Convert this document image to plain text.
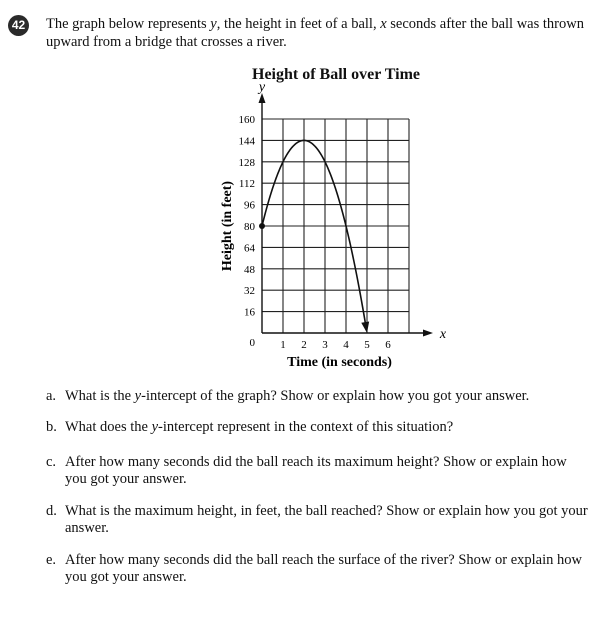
42 The graph below represents y, the height in feet of a ball, x seconds after the ball was thrown upward from a bridge that crosses a river.
Height of Ball over Time
y
x
16
32
48
64
80
96
112
128
144
160
0 1 2 3 4 5 6
Time (in seconds)
Height (in feet)
a. What is the y-intercept of the graph? Show or explain how you got your answer.
b. What does the y-intercept represent in the context of this situation?
c. After how many seconds did the ball reach its maximum height? Show or explain how you got your answer.
d. What is the maximum height, in feet, the ball reached? Show or explain how you got your answer.
e. After how many seconds did the ball reach the surface of the river? Show or explain how you got your answer.
